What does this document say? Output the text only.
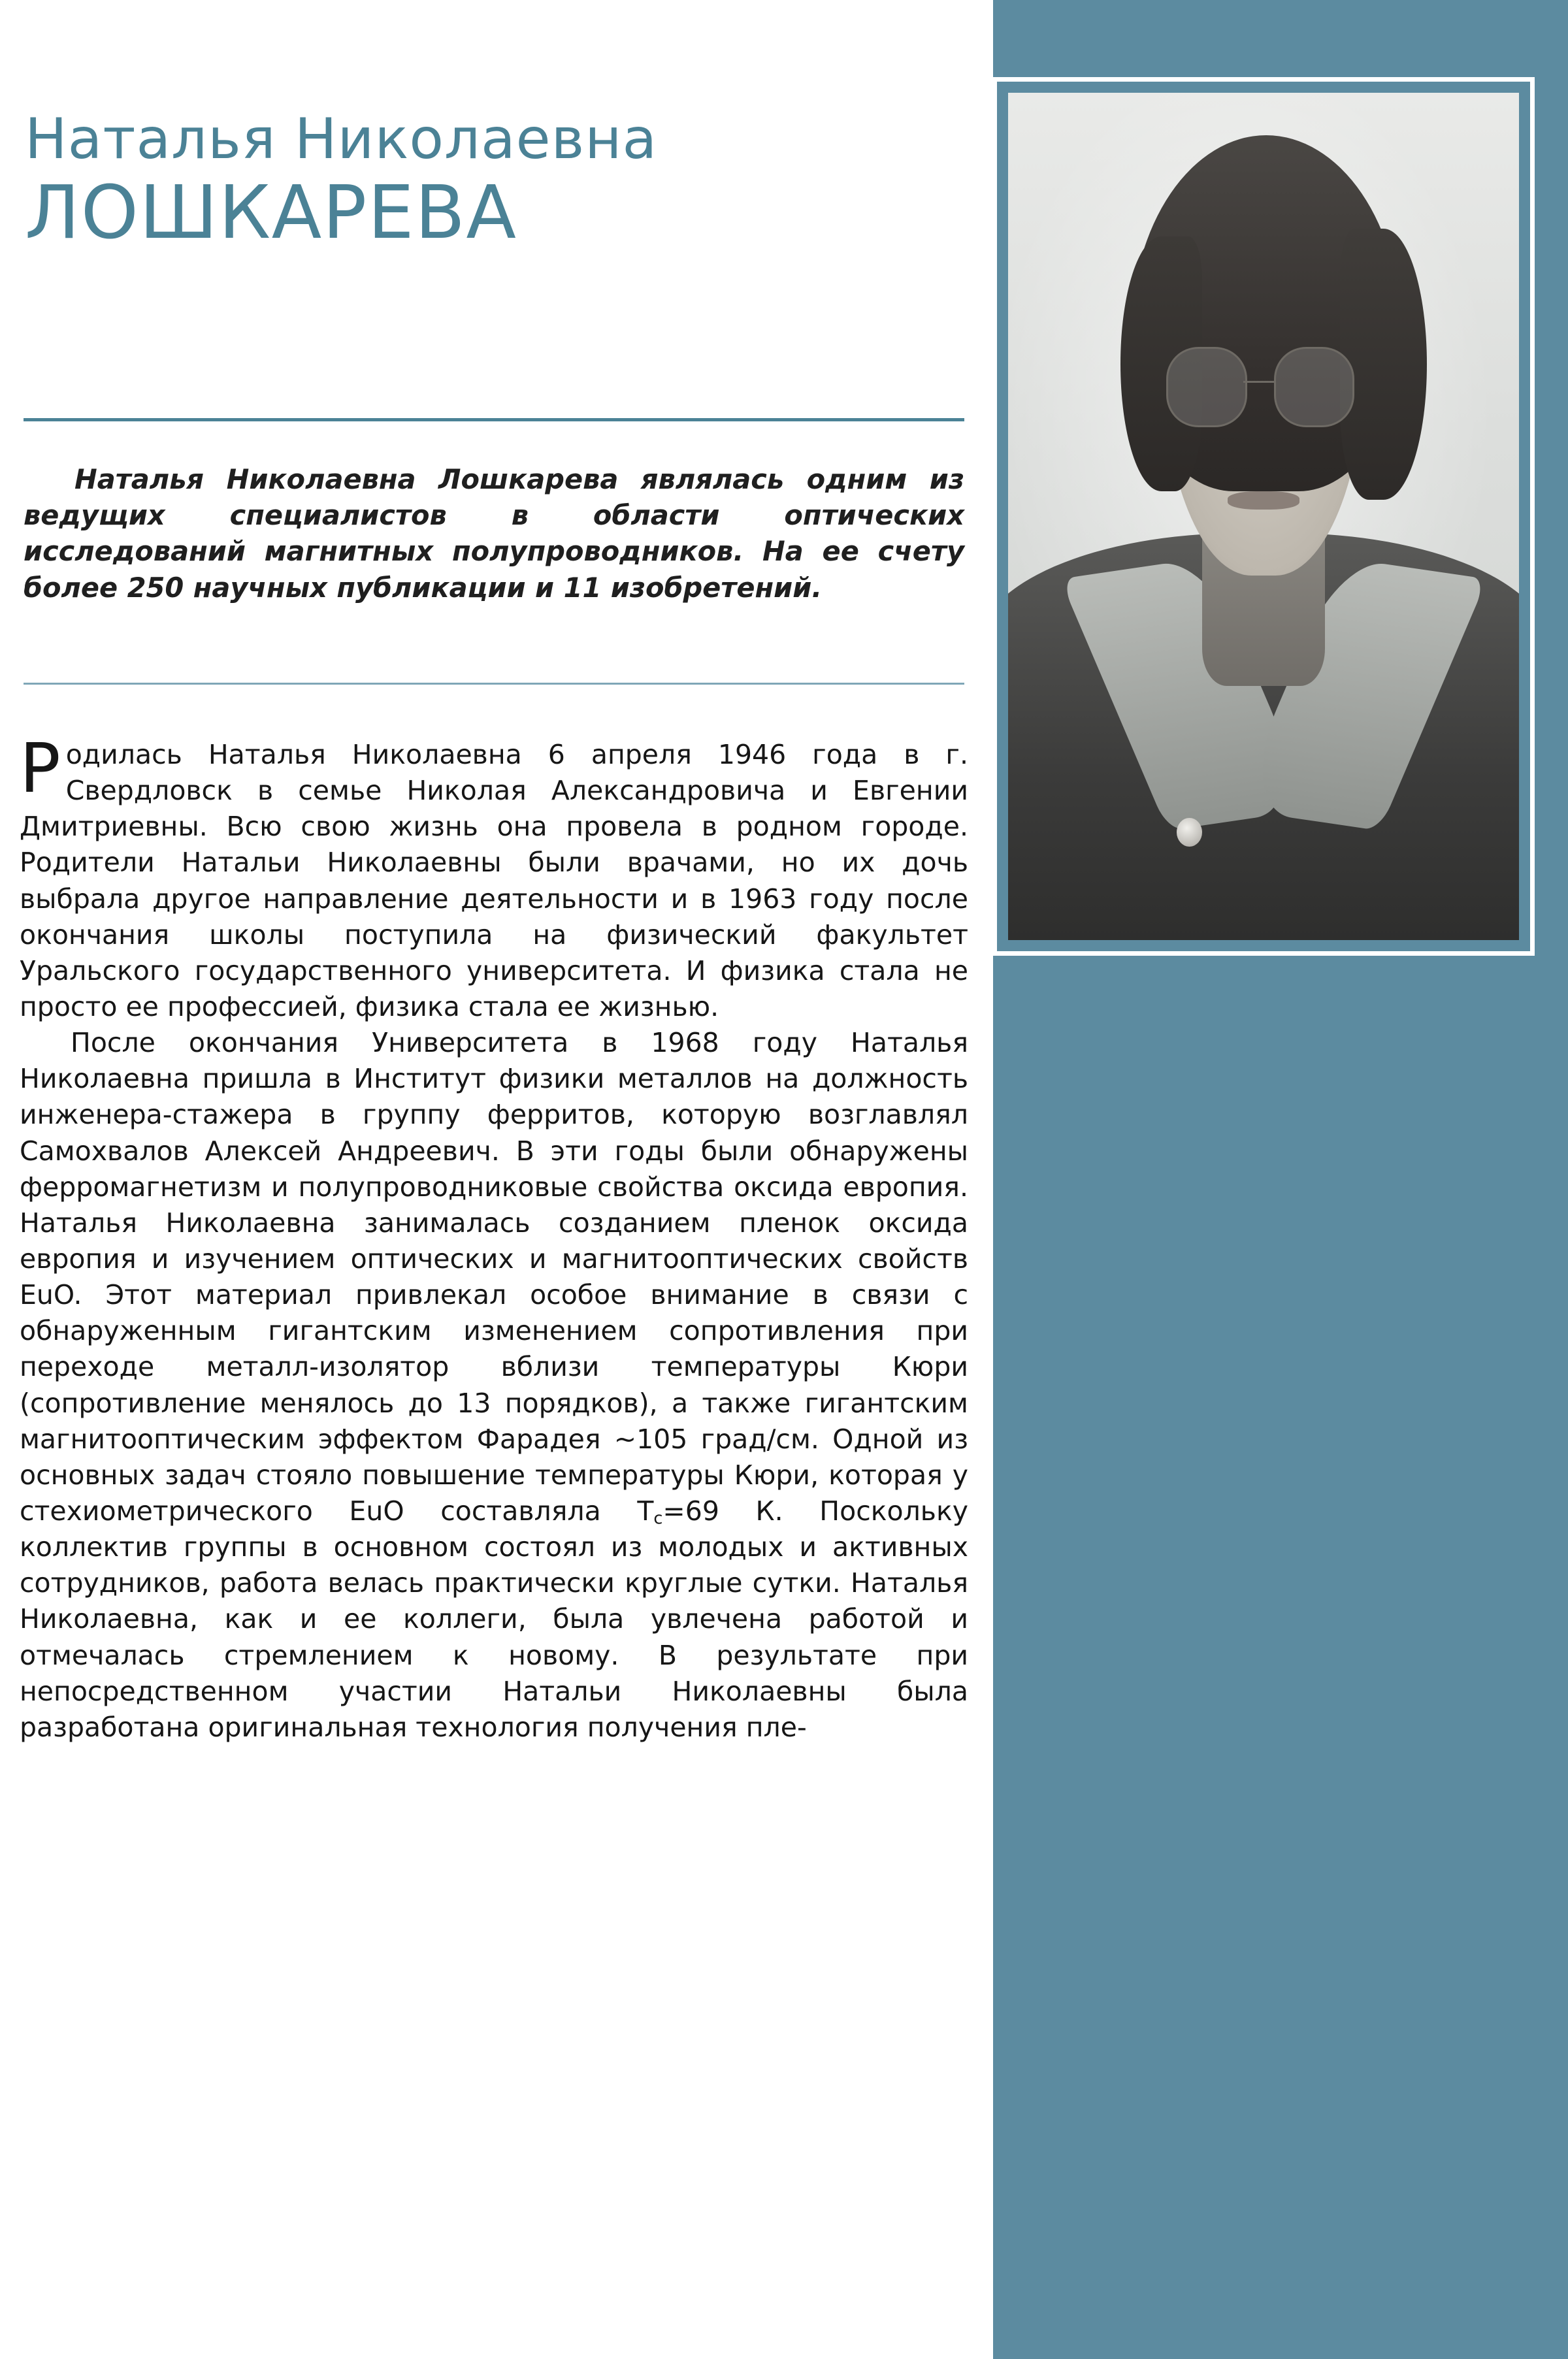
Наталья Николаевна
ЛОШКАРЕВА
Наталья Николаевна Лошкарева являлась одним из ведущих специалистов в области оптических исследований магнитных полупроводников. На ее счету более 250 научных публикации и 11 изобретений.

Родилась Наталья Николаевна 6 апреля 1946 года в г. Свердловск в семье Николая Александровича и Евгении Дмитриевны. Всю свою жизнь она провела в родном городе. Родители Натальи Николаевны были врачами, но их дочь выбрала другое направление деятельности и в 1963 году после окончания школы поступила на физический факультет Уральского государственного университета. И физика стала не просто ее профессией, физика стала ее жизнью.

После окончания Университета в 1968 году Наталья Николаевна пришла в Институт физики металлов на должность инженера-стажера в группу ферритов, которую возглавлял Самохвалов Алексей Андреевич. В эти годы были обнаружены ферромагнетизм и полупроводниковые свойства оксида европия. Наталья Николаевна занималась созданием пленок оксида европия и изучением оптических и магнитооптических свойств EuO. Этот материал привлекал особое внимание в связи с обнаруженным гигантским изменением сопротивления при переходе металл-изолятор вблизи температуры Кюри (сопротивление менялось до 13 порядков), а также гигантским магнитооптическим эффектом Фарадея ~105 град/см. Одной из основных задач стояло повышение температуры Кюри, которая у стехиометрического EuO составляла $T_c=69$ К. Поскольку коллектив группы в основном состоял из молодых и активных сотрудников, работа велась практически круглые сутки. Наталья Николаевна, как и ее коллеги, была увлечена работой и отмечалась стремлением к новому. В результате при непосредственном участии Натальи Николаевны была разработана оригинальная технология получения пле-
